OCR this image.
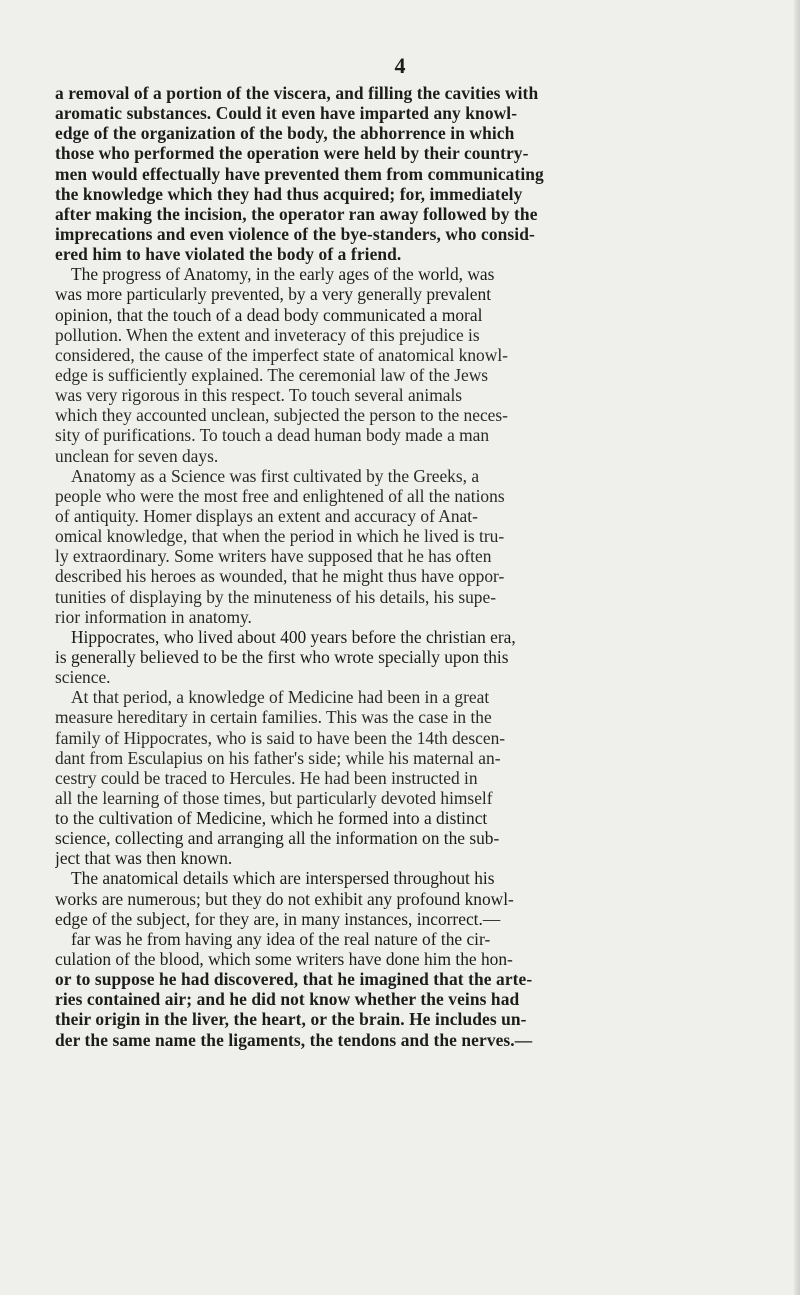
4
a removal of a portion of the viscera, and filling the cavities with
aromatic substances. Could it even have imparted any knowl-
edge of the organization of the body, the abhorrence in which
those who performed the operation were held by their country-
men would effectually have prevented them from communicating
the knowledge which they had thus acquired; for, immediately
after making the incision, the operator ran away followed by the
imprecations and even violence of the bye-standers, who consid-
ered him to have violated the body of a friend.
The progress of Anatomy, in the early ages of the world, was
was more particularly prevented, by a very generally prevalent
opinion, that the touch of a dead body communicated a moral
pollution. When the extent and inveteracy of this prejudice is
considered, the cause of the imperfect state of anatomical knowl-
edge is sufficiently explained. The ceremonial law of the Jews
was very rigorous in this respect. To touch several animals
which they accounted unclean, subjected the person to the neces-
sity of purifications. To touch a dead human body made a man
unclean for seven days.
Anatomy as a Science was first cultivated by the Greeks, a
people who were the most free and enlightened of all the nations
of antiquity. Homer displays an extent and accuracy of Anat-
omical knowledge, that when the period in which he lived is tru-
ly extraordinary. Some writers have supposed that he has often
described his heroes as wounded, that he might thus have oppor-
tunities of displaying by the minuteness of his details, his supe-
rior information in anatomy.
Hippocrates, who lived about 400 years before the christian era,
is generally believed to be the first who wrote specially upon this
science.
At that period, a knowledge of Medicine had been in a great
measure hereditary in certain families. This was the case in the
family of Hippocrates, who is said to have been the 14th descen-
dant from Esculapius on his father's side; while his maternal an-
cestry could be traced to Hercules. He had been instructed in
all the learning of those times, but particularly devoted himself
to the cultivation of Medicine, which he formed into a distinct
science, collecting and arranging all the information on the sub-
ject that was then known.
The anatomical details which are interspersed throughout his
works are numerous; but they do not exhibit any profound knowl-
edge of the subject, for they are, in many instances, incorrect.—
far was he from having any idea of the real nature of the cir-
culation of the blood, which some writers have done him the hon-
or to suppose he had discovered, that he imagined that the arte-
ries contained air; and he did not know whether the veins had
their origin in the liver, the heart, or the brain. He includes un-
der the same name the ligaments, the tendons and the nerves.—
